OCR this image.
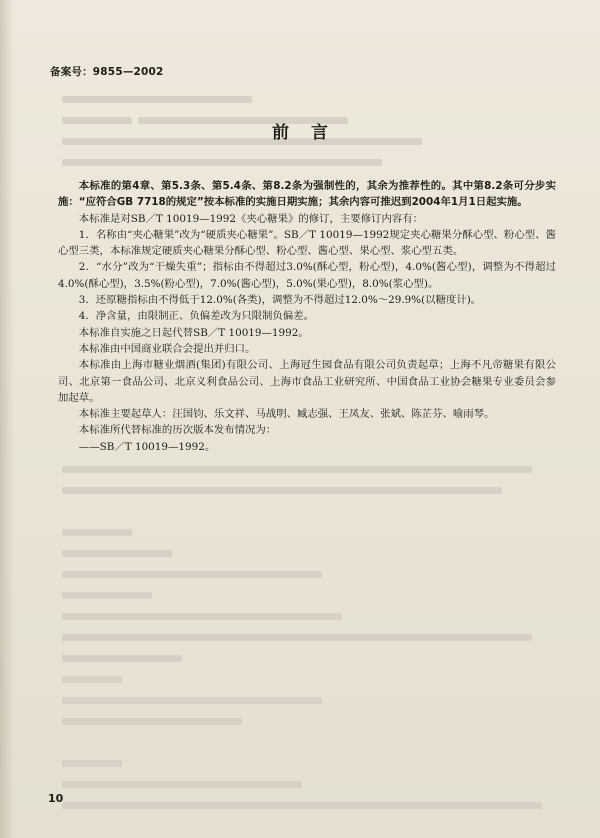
备案号：9855—2002
前言

本标准的第4章、第5.3条、第5.4条、第8.2条为强制性的，其余为推荐性的。其中第8.2条可分步实施：“应符合GB 7718的规定”按本标准的实施日期实施；其余内容可推迟到2004年1月1日起实施。

本标准是对SB／T 10019—1992《夹心糖果》的修订，主要修订内容有：

1．名称由“夹心糖果”改为“硬质夹心糖果”。SB／T 10019—1992规定夹心糖果分酥心型、粉心型、酱心型三类，本标准规定硬质夹心糖果分酥心型、粉心型、酱心型、果心型、浆心型五类。

2．“水分”改为“干燥失重”；指标由不得超过3.0%(酥心型，粉心型)，4.0%(酱心型)，调整为不得超过4.0%(酥心型)，3.5%(粉心型)，7.0%(酱心型)，5.0%(果心型)，8.0%(浆心型)。

3．还原糖指标由不得低于12.0%(各类)，调整为不得超过12.0%～29.9%(以糖度计)。

4．净含量，由限制正、负偏差改为只限制负偏差。

本标准自实施之日起代替SB／T 10019—1992。

本标准由中国商业联合会提出并归口。

本标准由上海市糖业烟酒(集团)有限公司、上海冠生园食品有限公司负责起草；上海不凡帝糖果有限公司、北京第一食品公司、北京义利食品公司、上海市食品工业研究所、中国食品工业协会糖果专业委员会参加起草。

本标准主要起草人：汪国钧、乐文祥、马战明、臧志强、王凤友、张斌、陈芷芬、喻雨琴。

本标准所代替标准的历次版本发布情况为：

——SB／T 10019—1992。

10
